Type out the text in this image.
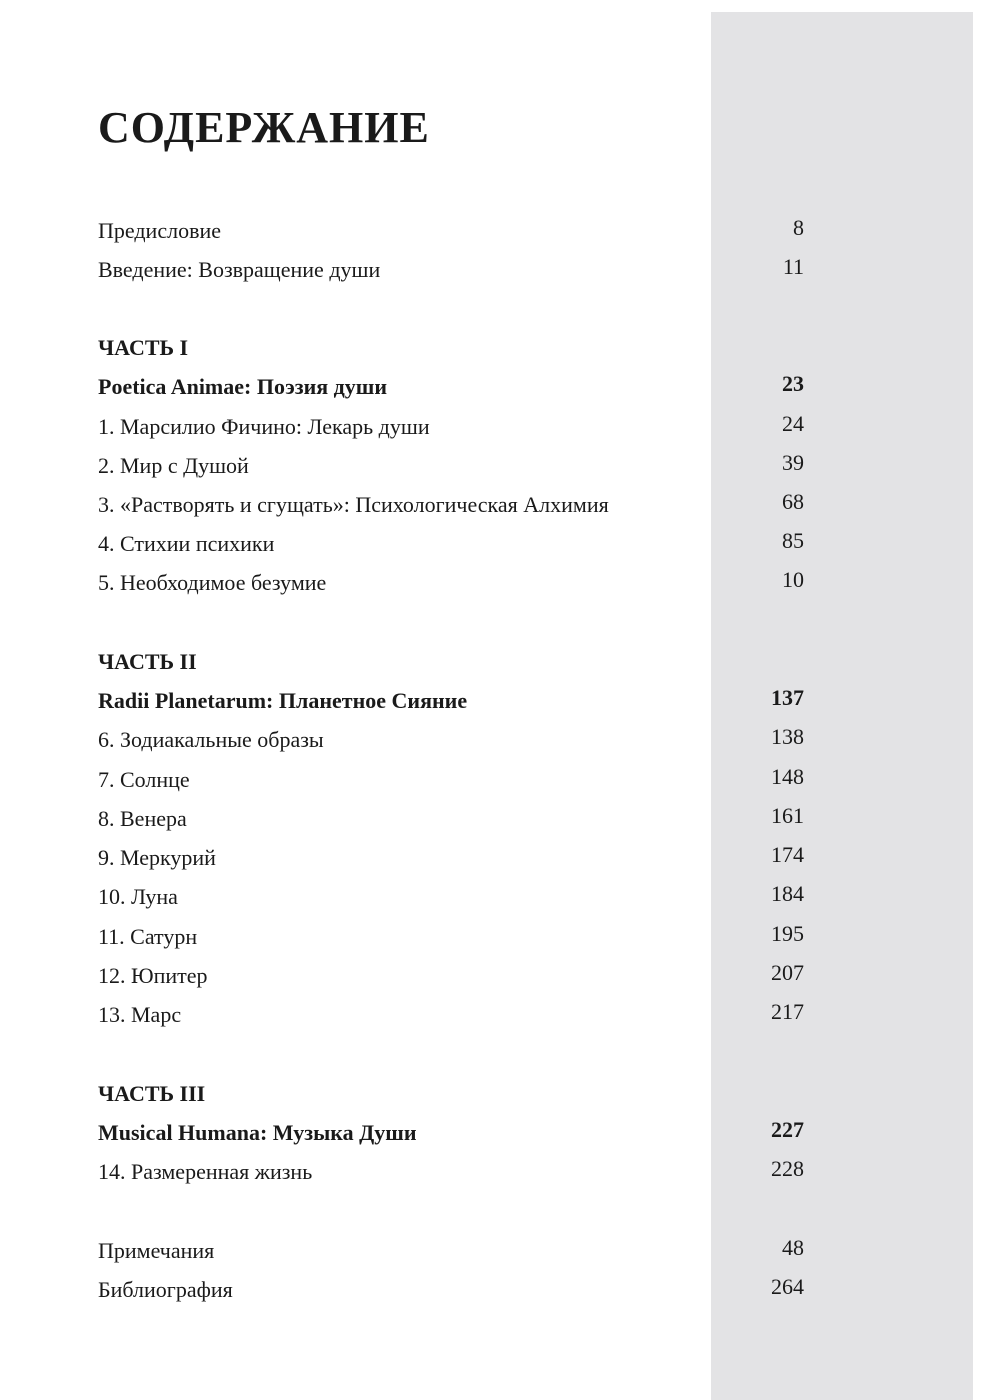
СОДЕРЖАНИЕ
Предисловие	8
Введение: Возвращение души	11
ЧАСТЬ I
Poetica Animae: Поэзия души	23
1. Марсилио Фичино: Лекарь души	24
2. Мир с Душой	39
3. «Растворять и сгущать»: Психологическая Алхимия	68
4. Стихии психики	85
5. Необходимое безумие	10
ЧАСТЬ II
Radii Planetarum: Планетное Сияние	137
6. Зодиакальные образы	138
7. Солнце	148
8. Венера	161
9. Меркурий	174
10. Луна	184
11. Сатурн	195
12. Юпитер	207
13. Марс	217
ЧАСТЬ III
Musical Humana: Музыка Души	227
14. Размеренная жизнь	228
Примечания	48
Библиография	264
